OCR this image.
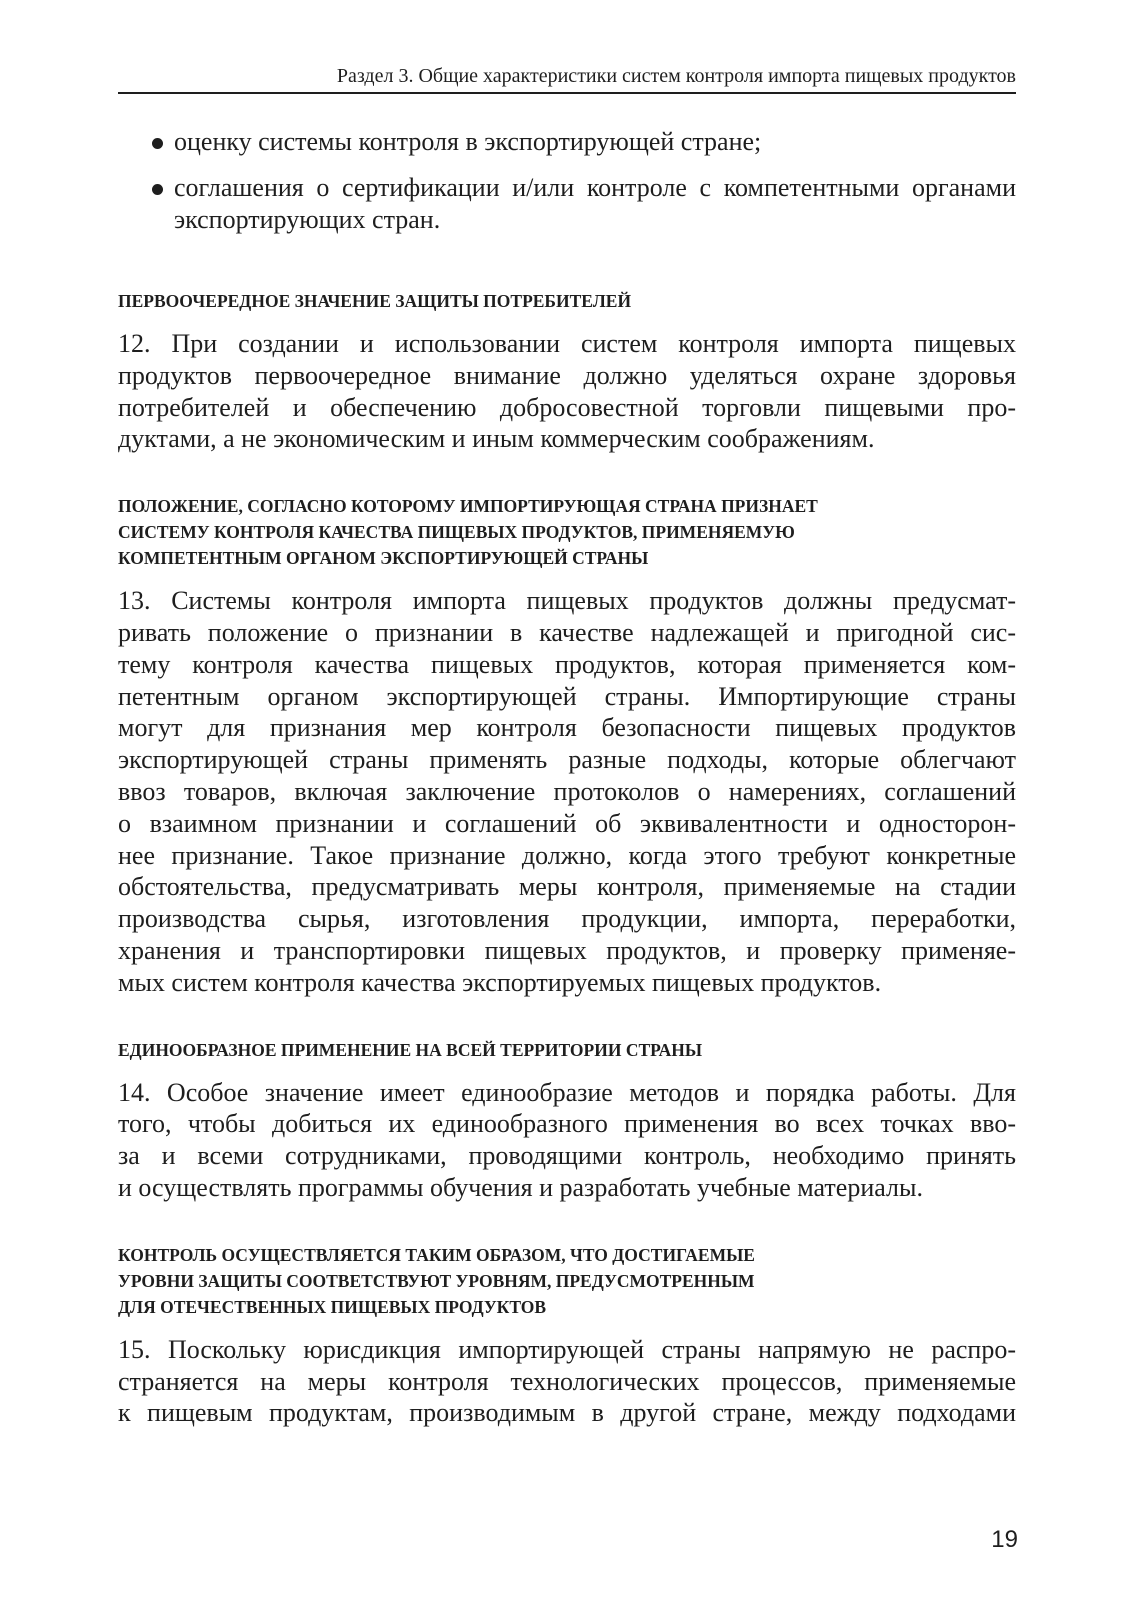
Раздел 3. Общие характеристики систем контроля импорта пищевых продуктов
оценку системы контроля в экспортирующей стране;
соглашения о сертификации и/или контроле с компетентными органами экспортирующих стран.
ПЕРВООЧЕРЕДНОЕ ЗНАЧЕНИЕ ЗАЩИТЫ ПОТРЕБИТЕЛЕЙ

12. При создании и использовании систем контроля импорта пищевых
продуктов первоочередное внимание должно уделяться охране здоровья
потребителей и обеспечению добросовестной торговли пищевыми про-
дуктами, а не экономическим и иным коммерческим соображениям.

ПОЛОЖЕНИЕ, СОГЛАСНО КОТОРОМУ ИМПОРТИРУЮЩАЯ СТРАНА ПРИЗНАЕТ
СИСТЕМУ КОНТРОЛЯ КАЧЕСТВА ПИЩЕВЫХ ПРОДУКТОВ, ПРИМЕНЯЕМУЮ
КОМПЕТЕНТНЫМ ОРГАНОМ ЭКСПОРТИРУЮЩЕЙ СТРАНЫ

13. Системы контроля импорта пищевых продуктов должны предусмат-
ривать положение о признании в качестве надлежащей и пригодной сис-
тему контроля качества пищевых продуктов, которая применяется ком-
петентным органом экспортирующей страны. Импортирующие страны
могут для признания мер контроля безопасности пищевых продуктов
экспортирующей страны применять разные подходы, которые облегчают
ввоз товаров, включая заключение протоколов о намерениях, соглашений
о взаимном признании и соглашений об эквивалентности и односторон-
нее признание. Такое признание должно, когда этого требуют конкретные
обстоятельства, предусматривать меры контроля, применяемые на стадии
производства сырья, изготовления продукции, импорта, переработки,
хранения и транспортировки пищевых продуктов, и проверку применяе-
мых систем контроля качества экспортируемых пищевых продуктов.

ЕДИНООБРАЗНОЕ ПРИМЕНЕНИЕ НА ВСЕЙ ТЕРРИТОРИИ СТРАНЫ

14. Особое значение имеет единообразие методов и порядка работы. Для
того, чтобы добиться их единообразного применения во всех точках вво-
за и всеми сотрудниками, проводящими контроль, необходимо принять
и осуществлять программы обучения и разработать учебные материалы.

КОНТРОЛЬ ОСУЩЕСТВЛЯЕТСЯ ТАКИМ ОБРАЗОМ, ЧТО ДОСТИГАЕМЫЕ
УРОВНИ ЗАЩИТЫ СООТВЕТСТВУЮТ УРОВНЯМ, ПРЕДУСМОТРЕННЫМ
ДЛЯ ОТЕЧЕСТВЕННЫХ ПИЩЕВЫХ ПРОДУКТОВ

15. Поскольку юрисдикция импортирующей страны напрямую не распро-
страняется на меры контроля технологических процессов, применяемые
к пищевым продуктам, производимым в другой стране, между подходами

19
